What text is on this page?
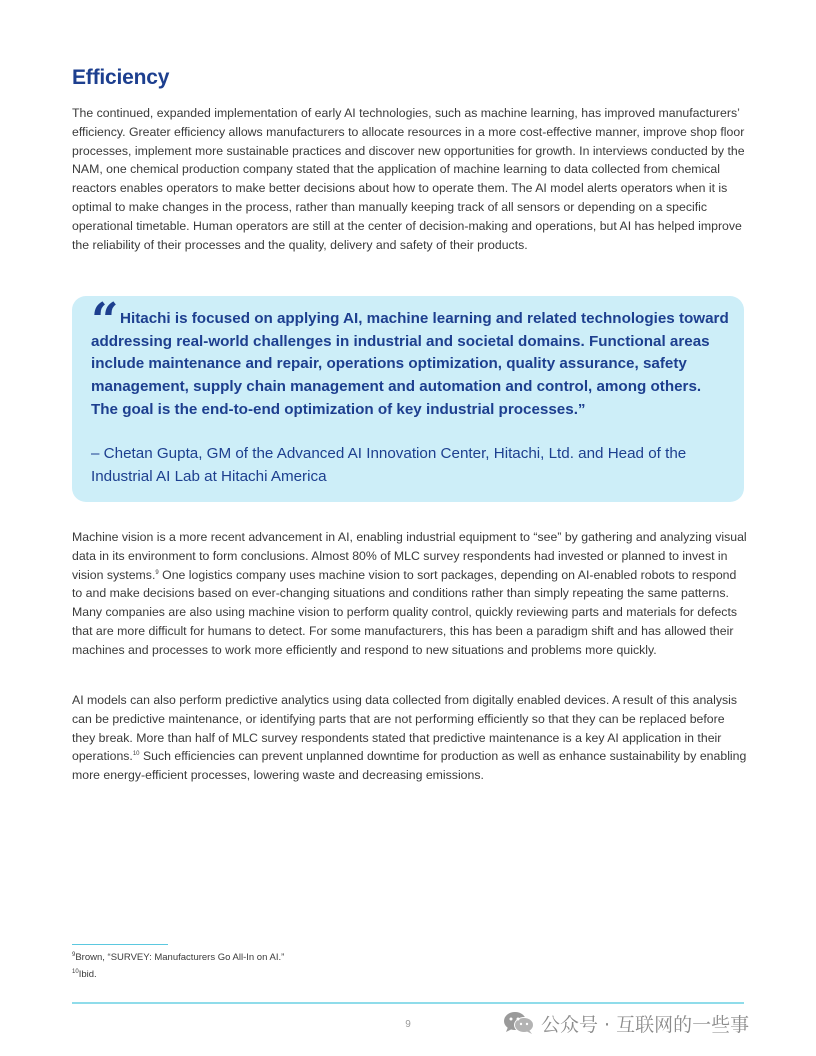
Efficiency

The continued, expanded implementation of early AI technologies, such as machine learning, has improved manufacturers’ efficiency. Greater efficiency allows manufacturers to allocate resources in a more cost-effective manner, improve shop floor processes, implement more sustainable practices and discover new opportunities for growth. In interviews conducted by the NAM, one chemical production company stated that the application of machine learning to data collected from chemical reactors enables operators to make better decisions about how to operate them. The AI model alerts operators when it is optimal to make changes in the process, rather than manually keeping track of all sensors or depending on a specific operational timetable. Human operators are still at the center of decision-making and operations, but AI has helped improve the reliability of their processes and the quality, delivery and safety of their products.

“ Hitachi is focused on applying AI, machine learning and related technologies toward addressing real-world challenges in industrial and societal domains. Functional areas include maintenance and repair, operations optimization, quality assurance, safety management, supply chain management and automation and control, among others. The goal is the end-to-end optimization of key industrial processes.”

– Chetan Gupta, GM of the Advanced AI Innovation Center, Hitachi, Ltd. and Head of the Industrial AI Lab at Hitachi America

Machine vision is a more recent advancement in AI, enabling industrial equipment to “see” by gathering and analyzing visual data in its environment to form conclusions. Almost 80% of MLC survey respondents had invested or planned to invest in vision systems.$^9$ One logistics company uses machine vision to sort packages, depending on AI-enabled robots to respond to and make decisions based on ever-changing situations and conditions rather than simply repeating the same patterns. Many companies are also using machine vision to perform quality control, quickly reviewing parts and materials for defects that are more difficult for humans to detect. For some manufacturers, this has been a paradigm shift and has allowed their machines and processes to work more efficiently and respond to new situations and problems more quickly.

AI models can also perform predictive analytics using data collected from digitally enabled devices. A result of this analysis can be predictive maintenance, or identifying parts that are not performing efficiently so that they can be replaced before they break. More than half of MLC survey respondents stated that predictive maintenance is a key AI application in their operations.$^{10}$ Such efficiencies can prevent unplanned downtime for production as well as enhance sustainability by enabling more energy-efficient processes, lowering waste and decreasing emissions.

$^9$Brown, “SURVEY: Manufacturers Go All-In on AI.”
$^{10}$Ibid.
9	公众号 · 互联网的一些事
